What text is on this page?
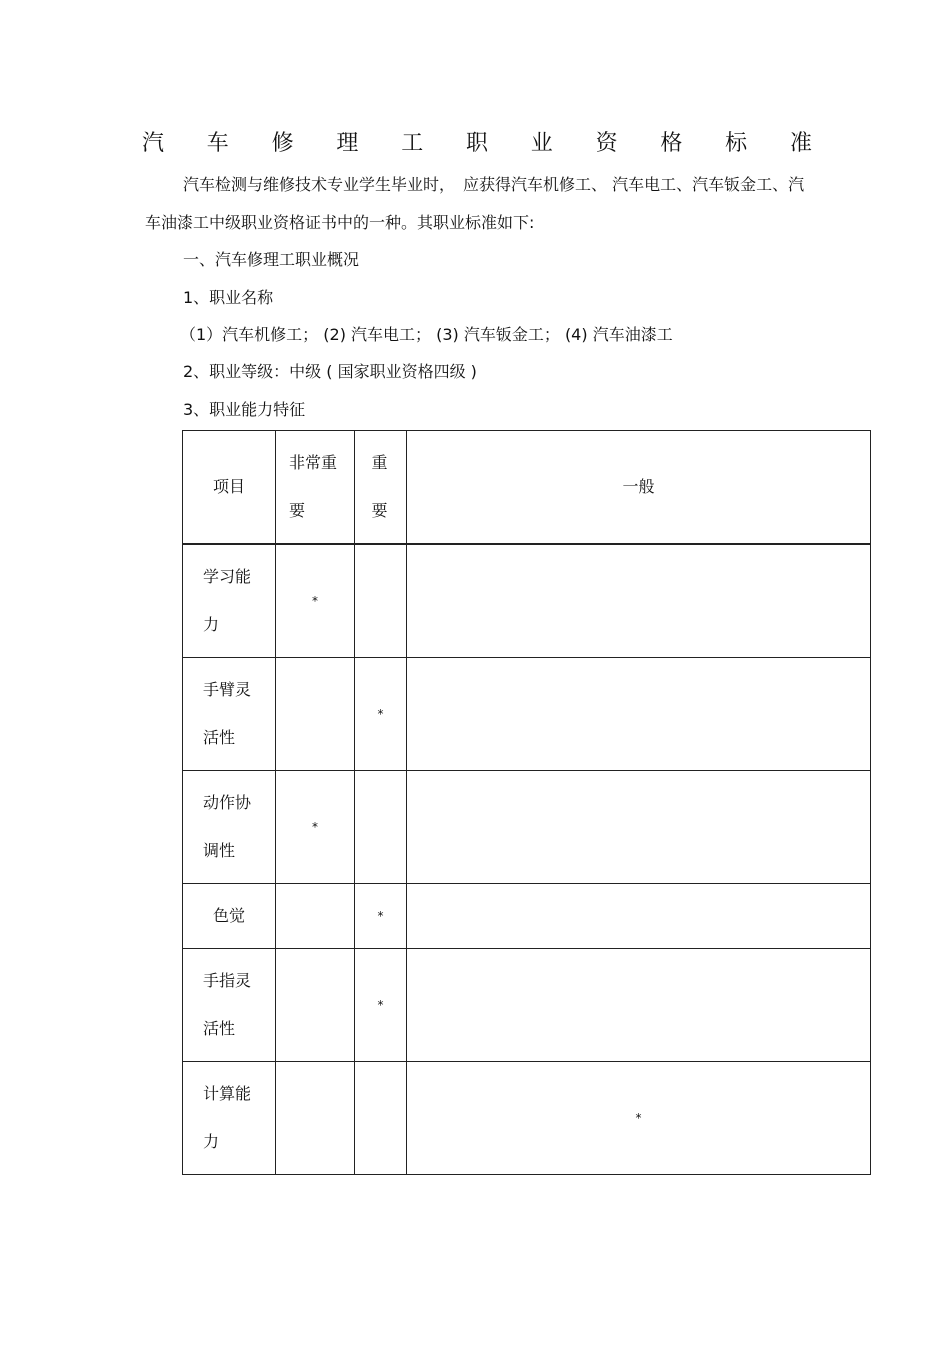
汽 车 修 理 工 职 业 资 格 标 准
汽车检测与维修技术专业学生毕业时，　应获得汽车机修工、 汽车电工、汽车钣金工、汽车油漆工中级职业资格证书中的一种。其职业标准如下:
一、汽车修理工职业概况
1、职业名称
（1）汽车机修工； (2) 汽车电工； (3) 汽车钣金工； (4) 汽车油漆工
2、职业等级：中级 ( 国家职业资格四级 )
3、职业能力特征
项目	非常重要	重要	一般
学习能力	*		
手臂灵活性		*	
动作协调性	*		
色觉		*	
手指灵活性		*	
计算能力			*
